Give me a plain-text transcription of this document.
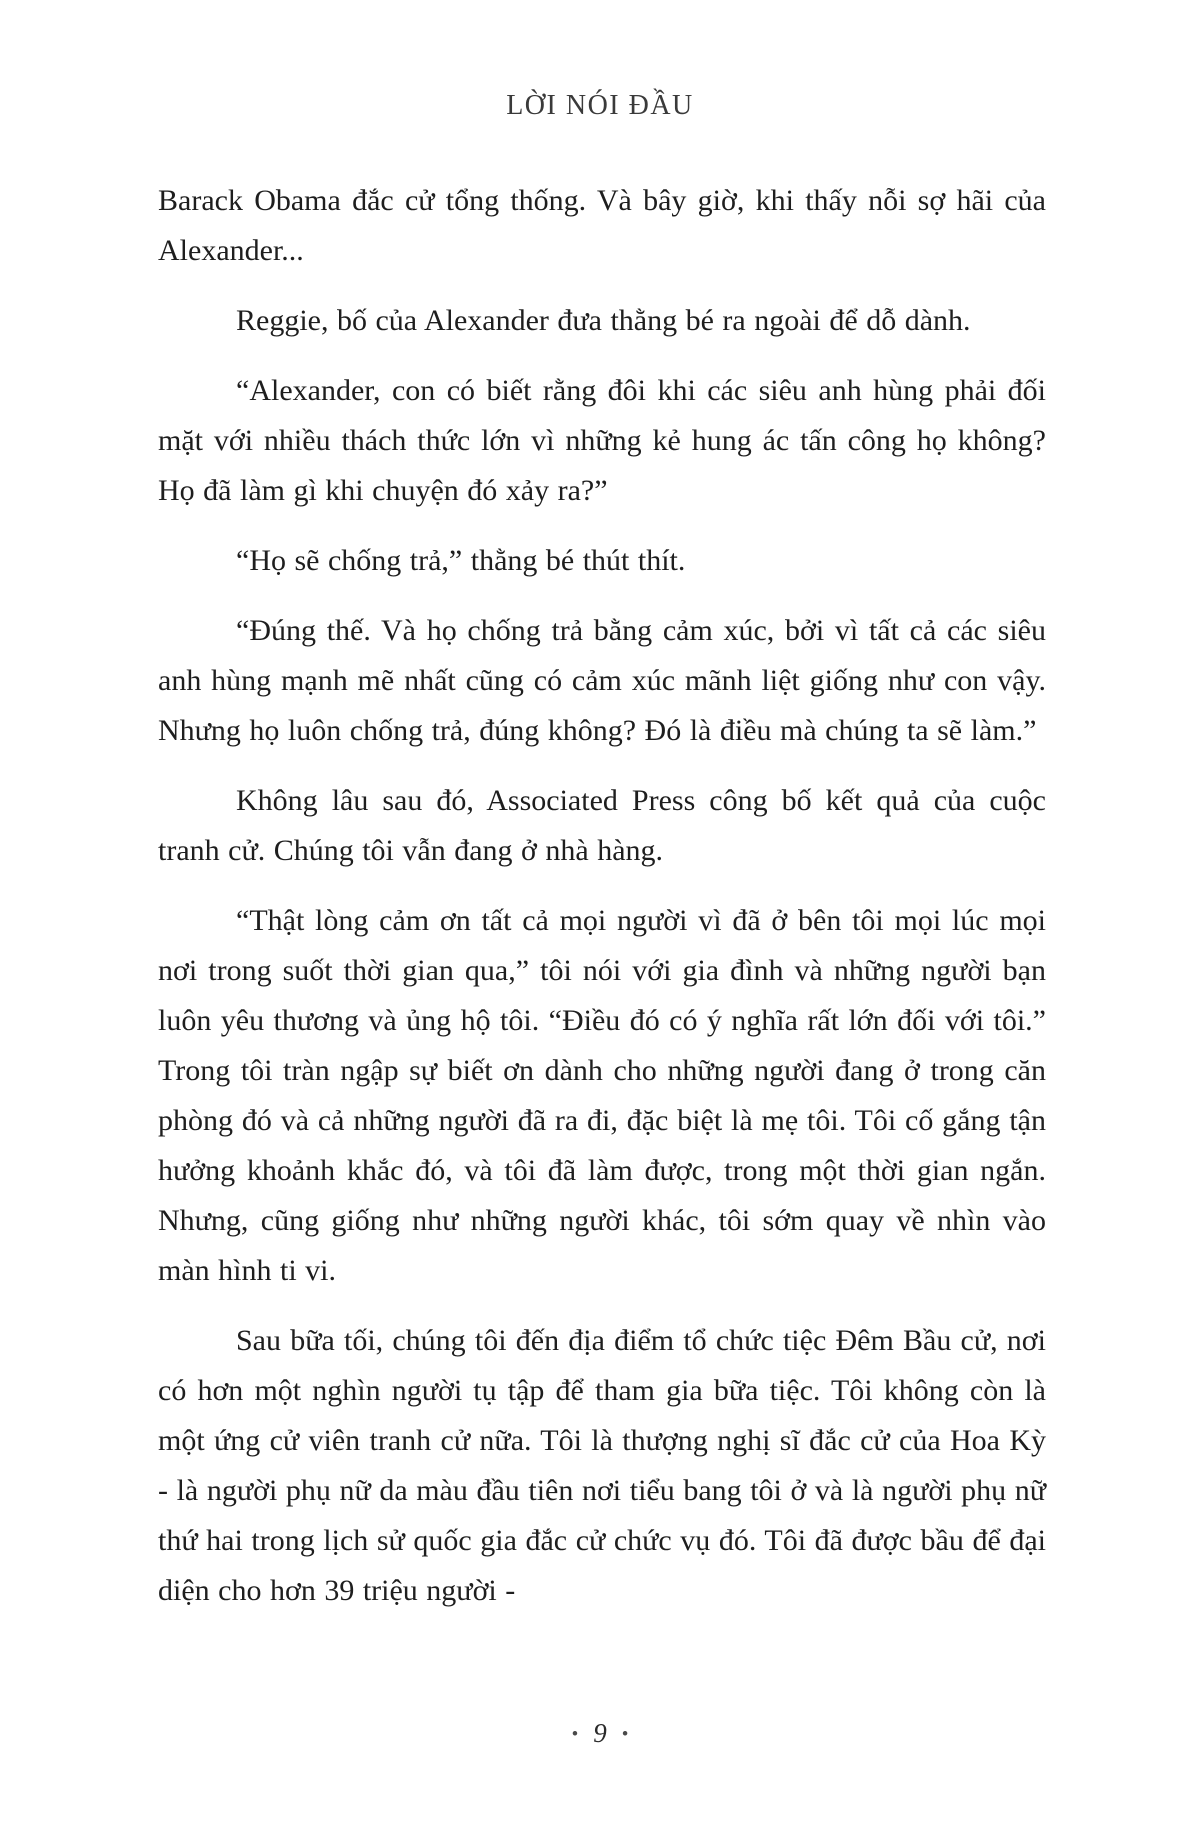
LỜI NÓI ĐẦU

Barack Obama đắc cử tổng thống. Và bây giờ, khi thấy nỗi sợ hãi của Alexander...

Reggie, bố của Alexander đưa thằng bé ra ngoài để dỗ dành.

“Alexander, con có biết rằng đôi khi các siêu anh hùng phải đối mặt với nhiều thách thức lớn vì những kẻ hung ác tấn công họ không? Họ đã làm gì khi chuyện đó xảy ra?”

“Họ sẽ chống trả,” thằng bé thút thít.

“Đúng thế. Và họ chống trả bằng cảm xúc, bởi vì tất cả các siêu anh hùng mạnh mẽ nhất cũng có cảm xúc mãnh liệt giống như con vậy. Nhưng họ luôn chống trả, đúng không? Đó là điều mà chúng ta sẽ làm.”

Không lâu sau đó, Associated Press công bố kết quả của cuộc tranh cử. Chúng tôi vẫn đang ở nhà hàng.

“Thật lòng cảm ơn tất cả mọi người vì đã ở bên tôi mọi lúc mọi nơi trong suốt thời gian qua,” tôi nói với gia đình và những người bạn luôn yêu thương và ủng hộ tôi. “Điều đó có ý nghĩa rất lớn đối với tôi.” Trong tôi tràn ngập sự biết ơn dành cho những người đang ở trong căn phòng đó và cả những người đã ra đi, đặc biệt là mẹ tôi. Tôi cố gắng tận hưởng khoảnh khắc đó, và tôi đã làm được, trong một thời gian ngắn. Nhưng, cũng giống như những người khác, tôi sớm quay về nhìn vào màn hình ti vi.

Sau bữa tối, chúng tôi đến địa điểm tổ chức tiệc Đêm Bầu cử, nơi có hơn một nghìn người tụ tập để tham gia bữa tiệc. Tôi không còn là một ứng cử viên tranh cử nữa. Tôi là thượng nghị sĩ đắc cử của Hoa Kỳ - là người phụ nữ da màu đầu tiên nơi tiểu bang tôi ở và là người phụ nữ thứ hai trong lịch sử quốc gia đắc cử chức vụ đó. Tôi đã được bầu để đại diện cho hơn 39 triệu người -

• 9 •
